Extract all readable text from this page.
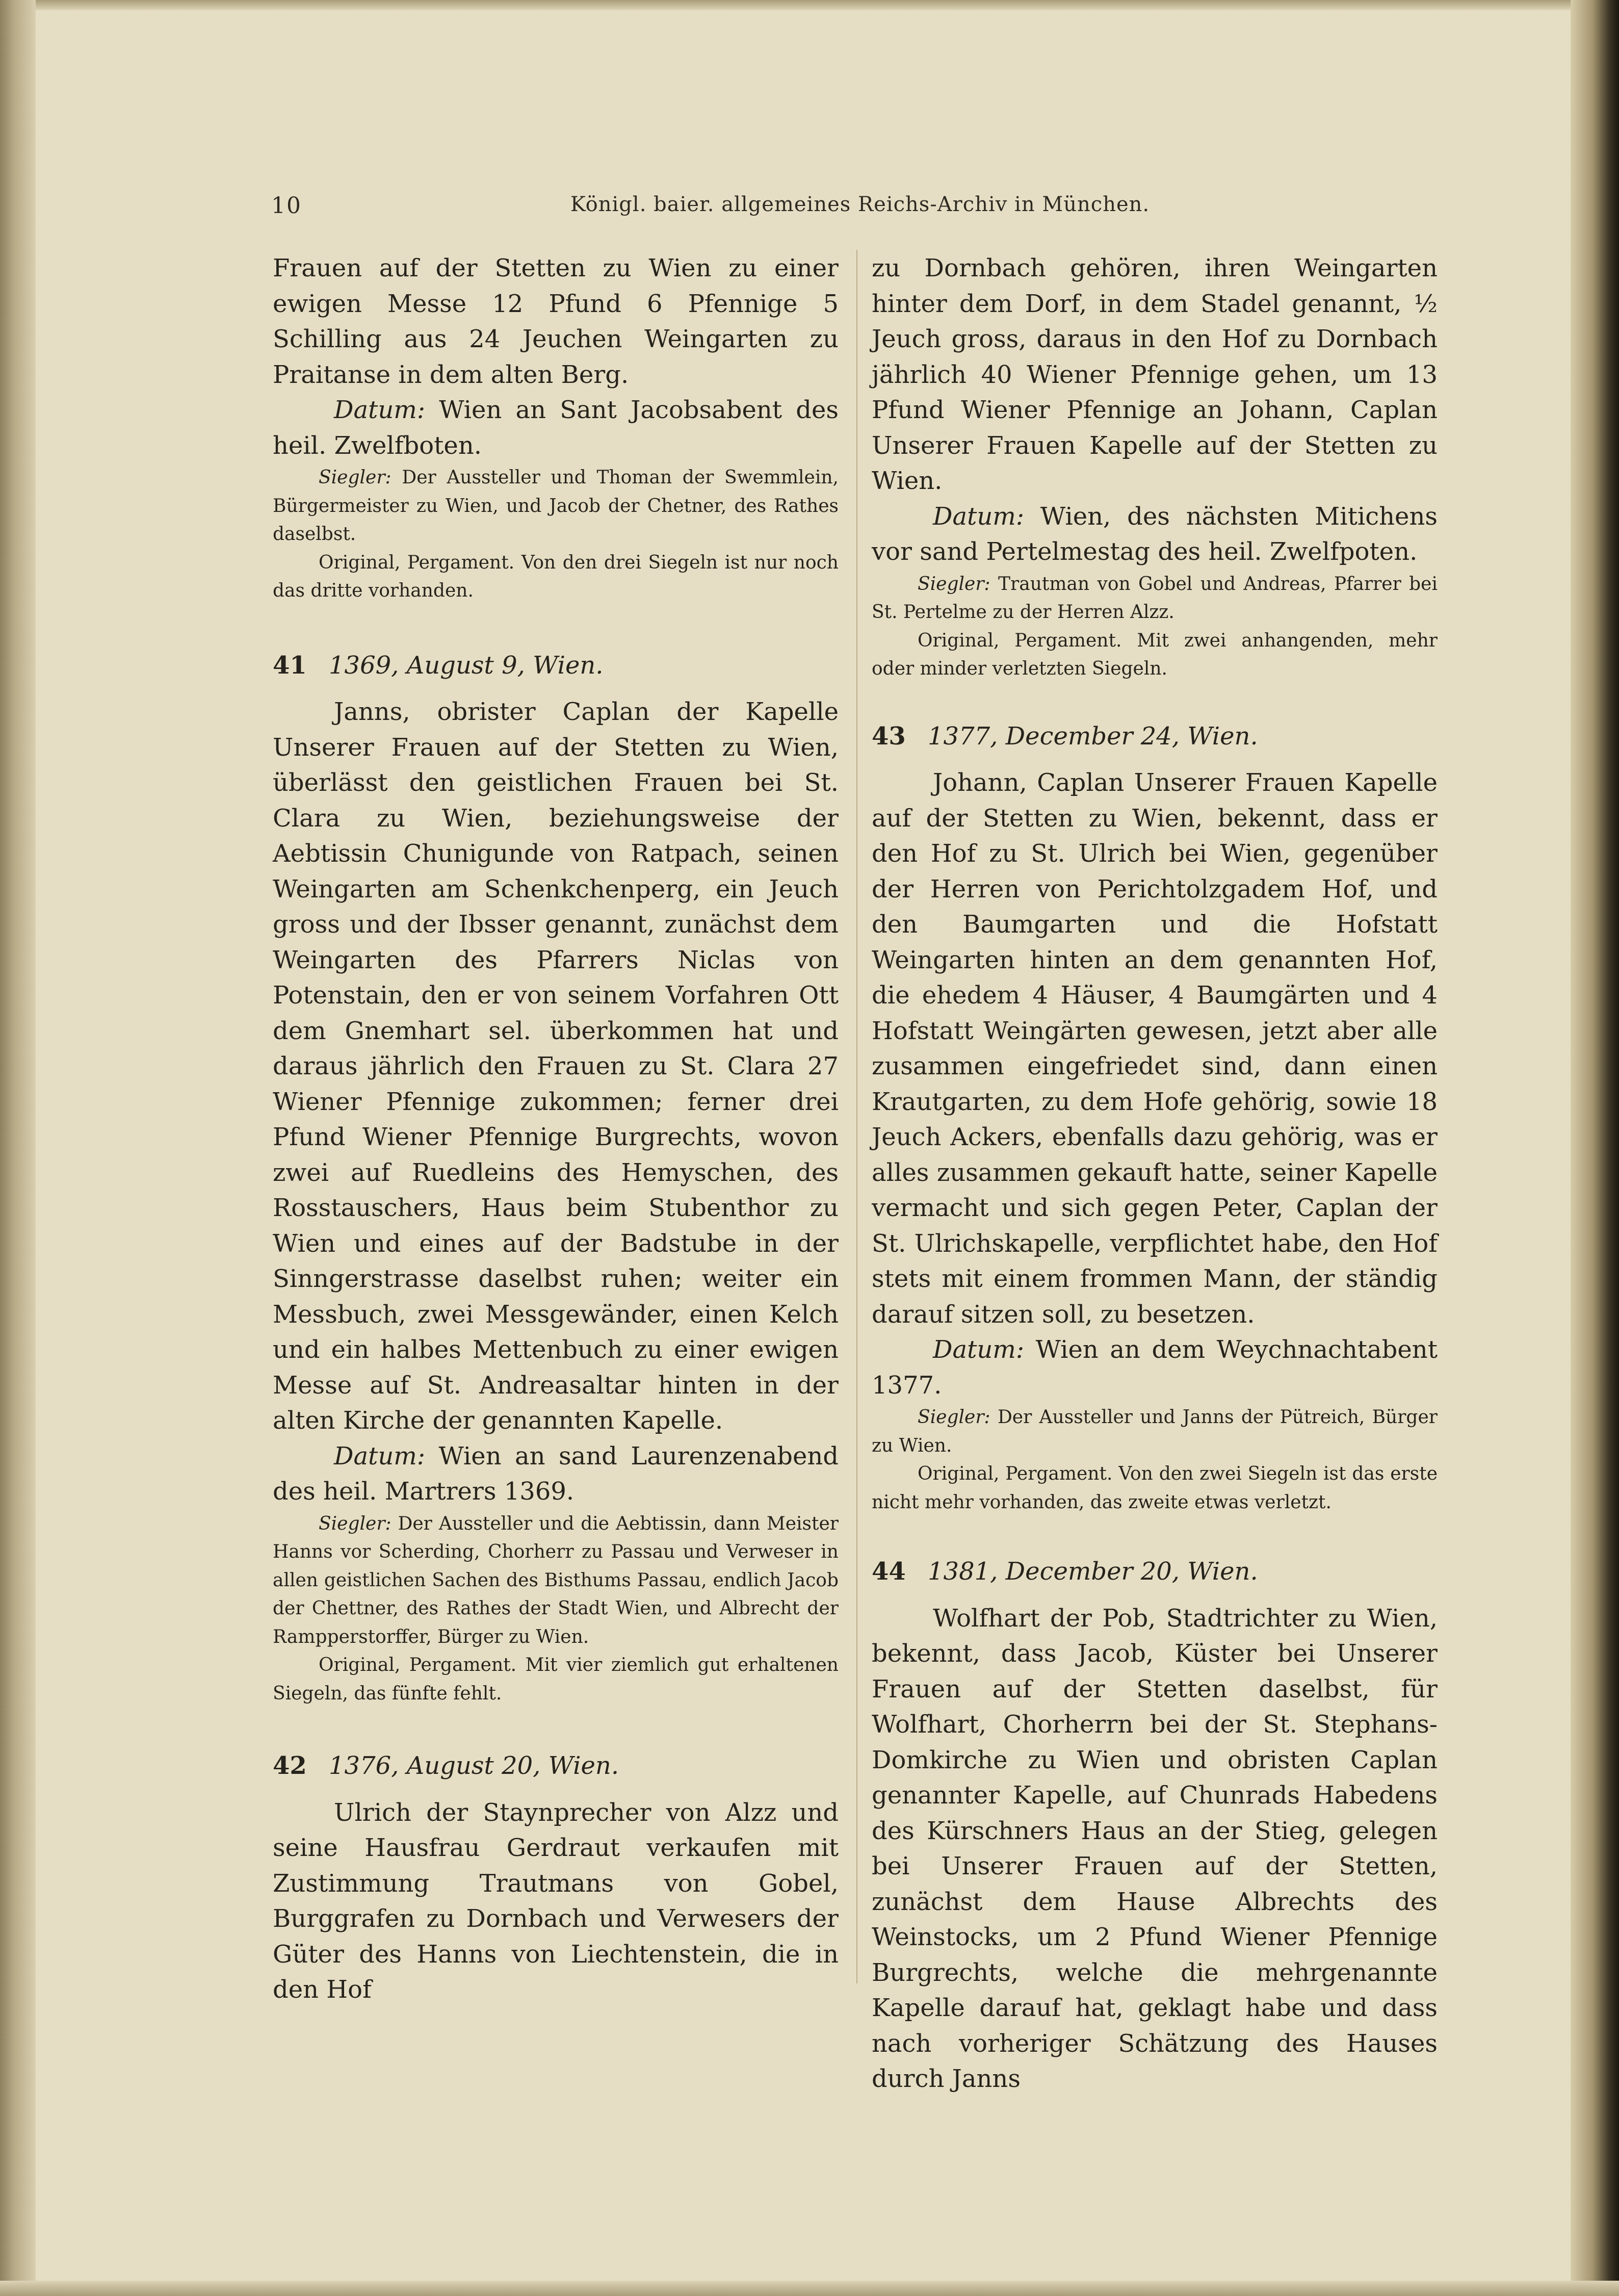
10	Königl. baier. allgemeines Reichs-Archiv in München.

Frauen auf der Stetten zu Wien zu einer ewigen Messe 12 Pfund 6 Pfennige 5 Schilling aus 24 Jeuchen Weingarten zu Praitanse in dem alten Berg.

Datum: Wien an Sant Jacobsabent des heil. Zwelfboten.

Siegler: Der Aussteller und Thoman der Swemmlein, Bürgermeister zu Wien, und Jacob der Chetner, des Rathes daselbst.

Original, Pergament. Von den drei Siegeln ist nur noch das dritte vorhanden.

41 1369, August 9, Wien.

Janns, obrister Caplan der Kapelle Unserer Frauen auf der Stetten zu Wien, überlässt den geistlichen Frauen bei St. Clara zu Wien, beziehungsweise der Aebtissin Chunigunde von Ratpach, seinen Weingarten am Schenkchenperg, ein Jeuch gross und der Ibsser genannt, zunächst dem Weingarten des Pfarrers Niclas von Potenstain, den er von seinem Vorfahren Ott dem Gnemhart sel. überkommen hat und daraus jährlich den Frauen zu St. Clara 27 Wiener Pfennige zukommen; ferner drei Pfund Wiener Pfennige Burgrechts, wovon zwei auf Ruedleins des Hemyschen, des Rosstauschers, Haus beim Stubenthor zu Wien und eines auf der Badstube in der Sinngerstrasse daselbst ruhen; weiter ein Messbuch, zwei Messgewänder, einen Kelch und ein halbes Mettenbuch zu einer ewigen Messe auf St. Andreasaltar hinten in der alten Kirche der genannten Kapelle.

Datum: Wien an sand Laurenzenabend des heil. Martrers 1369.

Siegler: Der Aussteller und die Aebtissin, dann Meister Hanns vor Scherding, Chorherr zu Passau und Verweser in allen geistlichen Sachen des Bisthums Passau, endlich Jacob der Chettner, des Rathes der Stadt Wien, und Albrecht der Rampperstorffer, Bürger zu Wien.

Original, Pergament. Mit vier ziemlich gut erhaltenen Siegeln, das fünfte fehlt.

42 1376, August 20, Wien.

Ulrich der Staynprecher von Alzz und seine Hausfrau Gerdraut verkaufen mit Zustimmung Trautmans von Gobel, Burggrafen zu Dornbach und Verwesers der Güter des Hanns von Liechtenstein, die in den Hof

zu Dornbach gehören, ihren Weingarten hinter dem Dorf, in dem Stadel genannt, ½ Jeuch gross, daraus in den Hof zu Dornbach jährlich 40 Wiener Pfennige gehen, um 13 Pfund Wiener Pfennige an Johann, Caplan Unserer Frauen Kapelle auf der Stetten zu Wien.

Datum: Wien, des nächsten Mitichens vor sand Pertelmestag des heil. Zwelfpoten.

Siegler: Trautman von Gobel und Andreas, Pfarrer bei St. Pertelme zu der Herren Alzz.

Original, Pergament. Mit zwei anhangenden, mehr oder minder verletzten Siegeln.

43 1377, December 24, Wien.

Johann, Caplan Unserer Frauen Kapelle auf der Stetten zu Wien, bekennt, dass er den Hof zu St. Ulrich bei Wien, gegenüber der Herren von Perichtolzgadem Hof, und den Baumgarten und die Hofstatt Weingarten hinten an dem genannten Hof, die ehedem 4 Häuser, 4 Baumgärten und 4 Hofstatt Weingärten gewesen, jetzt aber alle zusammen eingefriedet sind, dann einen Krautgarten, zu dem Hofe gehörig, sowie 18 Jeuch Ackers, ebenfalls dazu gehörig, was er alles zusammen gekauft hatte, seiner Kapelle vermacht und sich gegen Peter, Caplan der St. Ulrichskapelle, verpflichtet habe, den Hof stets mit einem frommen Mann, der ständig darauf sitzen soll, zu besetzen.

Datum: Wien an dem Weychnachtabent 1377.

Siegler: Der Aussteller und Janns der Pütreich, Bürger zu Wien.

Original, Pergament. Von den zwei Siegeln ist das erste nicht mehr vorhanden, das zweite etwas verletzt.

44 1381, December 20, Wien.

Wolfhart der Pob, Stadtrichter zu Wien, bekennt, dass Jacob, Küster bei Unserer Frauen auf der Stetten daselbst, für Wolfhart, Chorherrn bei der St. Stephans-Domkirche zu Wien und obristen Caplan genannter Kapelle, auf Chunrads Habedens des Kürschners Haus an der Stieg, gelegen bei Unserer Frauen auf der Stetten, zunächst dem Hause Albrechts des Weinstocks, um 2 Pfund Wiener Pfennige Burgrechts, welche die mehrgenannte Kapelle darauf hat, geklagt habe und dass nach vorheriger Schätzung des Hauses durch Janns
